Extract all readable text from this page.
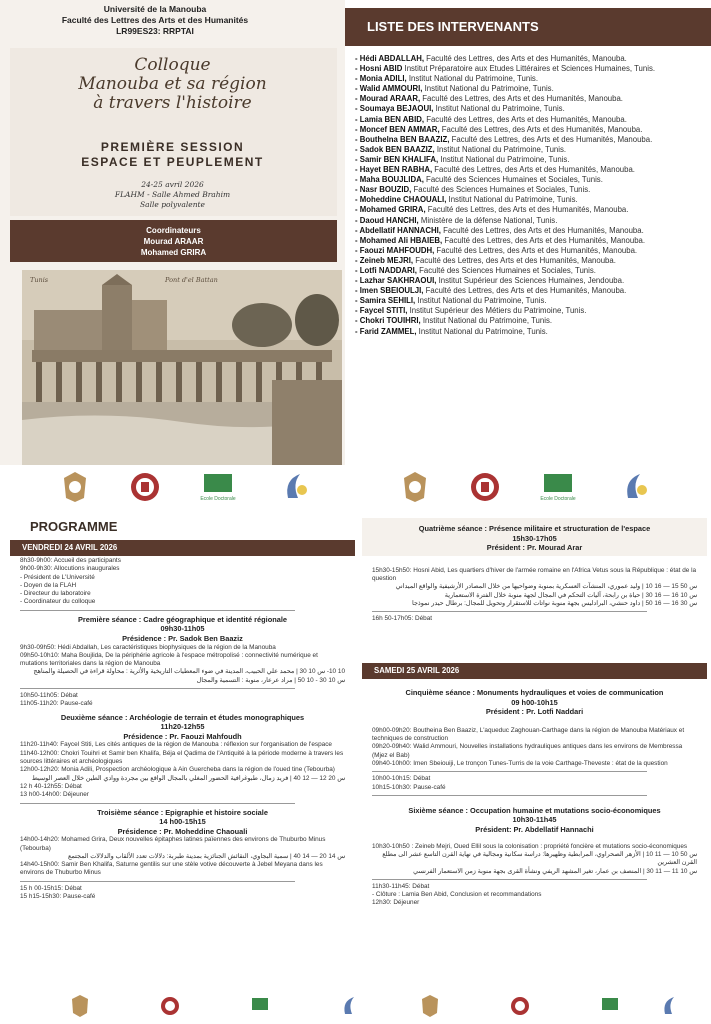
Université de la Manouba
Faculté des Lettres des Arts et des Humanités
LR99ES23: RRPTAI
Colloque
Manouba et sa région
à travers l'histoire
PREMIÈRE SESSION
ESPACE ET PEUPLEMENT
24-25 avril 2026
FLAHM - Salle Ahmed Brahim
Salle polyvalente
Coordinateurs
Mourad ARAAR
Mohamed GRIRA
Tunis	Pont d'el Battan
LISTE DES INTERVENANTS
- Hédi ABDALLAH, Faculté des Lettres, des Arts et des Humanités, Manouba.
- Hosni ABID Institut Préparatoire aux Etudes Littéraires et Sciences Humaines, Tunis.
- Monia ADILI, Institut National du Patrimoine, Tunis.
- Walid AMMOURI, Institut National du Patrimoine, Tunis.
- Mourad ARAAR, Faculté des Lettres, des Arts et des Humanités, Manouba.
- Soumaya BEJAOUI, Institut National du Patrimoine, Tunis.
- Lamia BEN ABID, Faculté des Lettres, des Arts et des Humanités, Manouba.
- Moncef BEN AMMAR, Faculté des Lettres, des Arts et des Humanités, Manouba.
- Bouthelna BEN BAAZIZ, Faculté des Lettres, des Arts et des Humanités, Manouba.
- Sadok BEN BAAZIZ, Institut National du Patrimoine, Tunis.
- Samir BEN KHALIFA, Institut National du Patrimoine, Tunis.
- Hayet BEN RABHA, Faculté des Lettres, des Arts et des Humanités, Manouba.
- Maha BOUJLIDA, Faculté des Sciences Humaines et Sociales, Tunis.
- Nasr BOUZID, Faculté des Sciences Humaines et Sociales, Tunis.
- Moheddine CHAOUALI, Institut National du Patrimoine, Tunis.
- Mohamed GRIRA, Faculté des Lettres, des Arts et des Humanités, Manouba.
- Daoud HANCHI, Ministère de la défense National, Tunis.
- Abdellatif HANNACHI, Faculté des Lettres, des Arts et des Humanités, Manouba.
- Mohamed Ali HBAIEB, Faculté des Lettres, des Arts et des Humanités, Manouba.
- Faouzi MAHFOUDH, Faculté des Lettres, des Arts et des Humanités, Manouba.
- Zeineb MEJRI, Faculté des Lettres, des Arts et des Humanités, Manouba.
- Lotfi NADDARI, Faculté des Sciences Humaines et Sociales, Tunis.
- Lazhar SAKHRAOUI, Institut Supérieur des Sciences Humaines, Jendouba.
- Imen SBEIOULJI, Faculté des Lettres, des Arts et des Humanités, Manouba.
- Samira SEHILI, Institut National du Patrimoine, Tunis.
- Faycel STITI, Institut Supérieur des Métiers du Patrimoine, Tunis.
- Chokri TOUIHRI, Institut National du Patrimoine, Tunis.
- Farid ZAMMEL, Institut National du Patrimoine, Tunis.
Ecole Doctorale	Ecole Doctorale
PROGRAMME
VENDREDI 24 AVRIL 2026

8h30-9h00: Accueil des participants

9h00-9h30: Allocutions inaugurales

- Président de L'Université

- Doyen de la FLAH

- Directeur du laboratoire

- Coordinateur du colloque

Première séance : Cadre géographique et identité régionale
09h30-11h05
Présidence : Pr. Sadok Ben Baaziz

9h30-09h50: Hédi Abdallah, Les caractéristiques biophysiques de la région de la Manouba

09h50-10h10: Maha Boujlida, De la périphérie agricole à l'espace métropolisé : connectivité numérique et mutations territoriales dans la région de Manouba

10 10- س 10 30 | محمد علي الحبيب، المدينة في ضوء المعطيات التاريخية والأثرية : محاولة قراءة في الحصيلة والمناهج

س 10 30 - 10 50 | مراد عرعار، منوبة : التسمية والمجال

10h50-11h05: Débat

11h05-11h20: Pause-café

Deuxième séance : Archéologie de terrain et études monographiques
11h20-12h55
Présidence : Pr. Faouzi Mahfoudh

11h20-11h40: Faycel Stiti, Les cités antiques de la région de Manouba : réflexion sur l'organisation de l'espace

11h40-12h00: Chokri Touihri et Samir ben Khalifa, Béja el Qadima de l'Antiquité à la période moderne à travers les sources littéraires et archéologiques

12h00-12h20: Monia Adili, Prospection archéologique à Ain Guercheba dans la région de l'oued tine (Tebourba)

س 20 12 — 12 40 | فريد زمال، طبوغرافية الحضور المغلي بالمجال الواقع بين مجردة ووادي الطين خلال العصر الوسيط

12 h 40-12h55: Débat

13 h00-14h00: Déjeuner

Troisième séance : Epigraphie et histoire sociale
14 h00-15h15
Présidence : Pr. Moheddine Chaouali

14h00-14h20: Mohamed Grira, Deux nouvelles épitaphes latines païennes des environs de Thuburbo Minus (Tebourba)

س 14 20 — 14 40 | سمية البجاوي، النقائش الجنائزية بمدينة طبربة: دلالات تعدد الألقاب والدلالات المجتمع

14h40-15h00: Samir Ben Khalifa, Saturne gentilis sur une stèle votive découverte à Jebel Meyana dans les environs de Thuburbo Minus

15 h 00-15h15: Débat

15 h15-15h30: Pause-café

Quatrième séance : Présence militaire et structuration de l'espace
15h30-17h05
Président : Pr. Mourad Arar

15h30-15h50: Hosni Abid, Les quartiers d'hiver de l'armée romaine en l'Africa Vetus sous la République : état de la question

س 50 15 — 16 10 | وليد عموري، المنشآت العسكرية بمنوبة وضواحيها من خلال المصادر الأرشيفية والواقع الميداني

س 10 16 — 16 30 | حياة بن رابحة، آليات التحكم في المجال لجهة منوبة خلال الفترة الاستعمارية

س 30 16 — 16 50 | داود حنشي، البرادليس بجهة منوبة نواتات للاستقرار وتحويل للمجال: برطال حيدر نموذجا

16h 50-17h05: Débat

SAMEDI 25 AVRIL 2026
Cinquième séance : Monuments hydrauliques et voies de communication
09 h00-10h15
Président : Pr. Lotfi Naddari

09h00-09h20: Boutheina Ben Baaziz, L'aqueduc Zaghouan-Carthage dans la région de Manouba Matériaux et techniques de construction

09h20-09h40: Walid Ammouri, Nouvelles installations hydrauliques antiques dans les environs de Membressa (Mjez el Bab)

09h40-10h00: Imen Sbeiouiji, Le tronçon Tunes-Turris de la voie Carthage-Theveste : état de la question

10h00-10h15: Débat

10h15-10h30: Pause-café

Sixième séance : Occupation humaine et mutations socio-économiques
10h30-11h45
Président: Pr. Abdellatif Hannachi

10h30-10h50 : Zeineb Mejri, Oued Ellil sous la colonisation : propriété foncière et mutations socio-économiques

س 50 10 — 11 10 | الأزهر الصحراوي، المرابطية وظهيرها: دراسة سكانية ومجالية في نهاية القرن التاسع عشر الى مطلع القرن العشرين

س 10 11 — 11 30 | المنصف بن عمار، تغير المشهد الريفي ونشأة القرى بجهة منوبة زمن الاستعمار الفرنسي

11h30-11h45: Débat

- Clôture : Lamia Ben Abid, Conclusion et recommandations

12h30: Déjeuner
